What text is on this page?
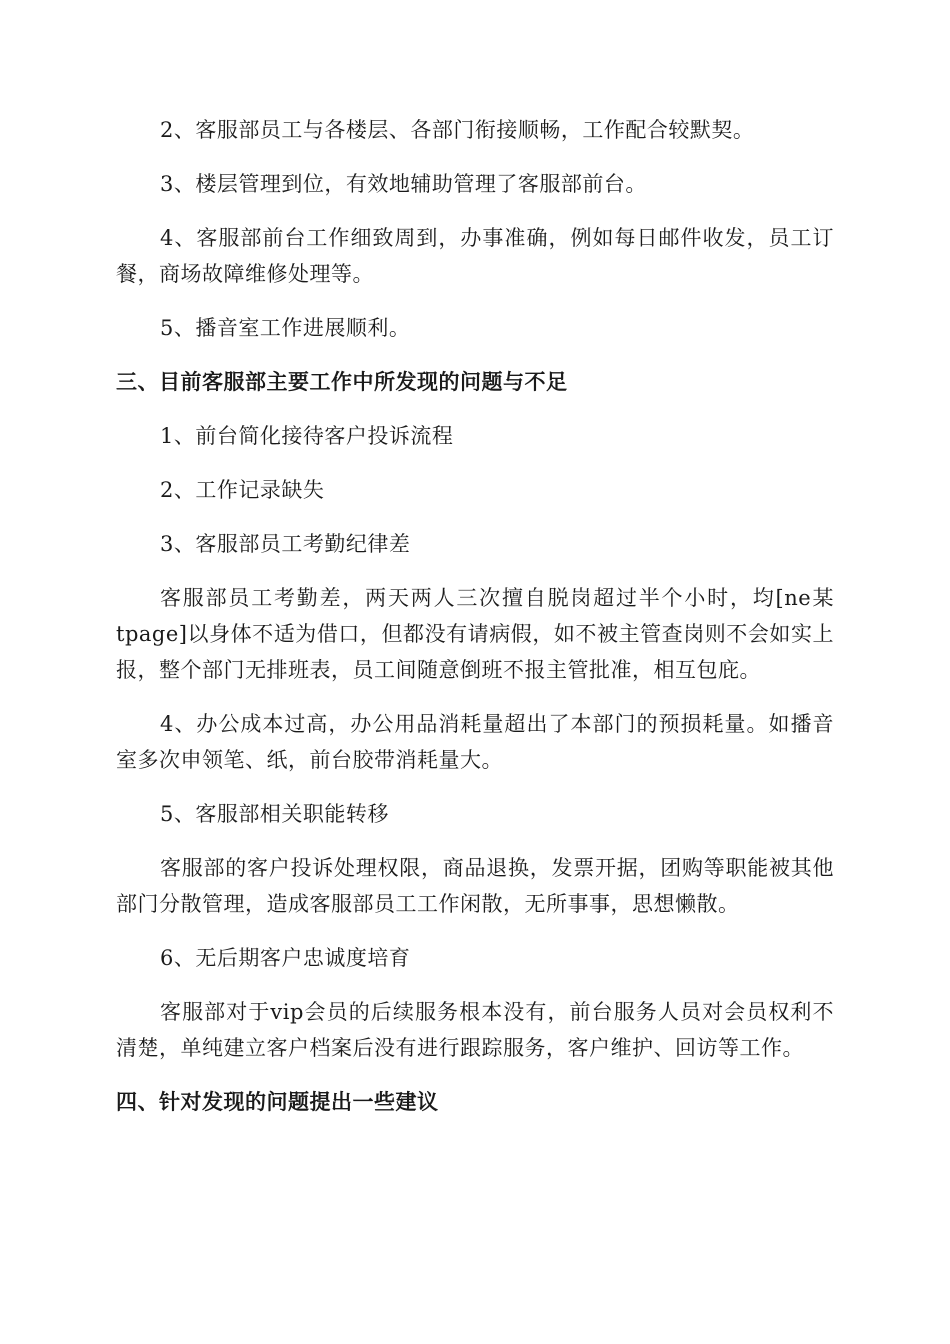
2、客服部员工与各楼层、各部门衔接顺畅，工作配合较默契。

3、楼层管理到位，有效地辅助管理了客服部前台。

4、客服部前台工作细致周到，办事准确，例如每日邮件收发，员工订餐，商场故障维修处理等。

5、播音室工作进展顺利。

三、目前客服部主要工作中所发现的问题与不足

1、前台简化接待客户投诉流程

2、工作记录缺失

3、客服部员工考勤纪律差

客服部员工考勤差，两天两人三次擅自脱岗超过半个小时，均[ne某tpage]以身体不适为借口，但都没有请病假，如不被主管查岗则不会如实上报，整个部门无排班表，员工间随意倒班不报主管批准，相互包庇。

4、办公成本过高，办公用品消耗量超出了本部门的预损耗量。如播音室多次申领笔、纸，前台胶带消耗量大。

5、客服部相关职能转移

客服部的客户投诉处理权限，商品退换，发票开据，团购等职能被其他部门分散管理，造成客服部员工工作闲散，无所事事，思想懒散。

6、无后期客户忠诚度培育

客服部对于vip会员的后续服务根本没有，前台服务人员对会员权利不清楚，单纯建立客户档案后没有进行跟踪服务，客户维护、回访等工作。

四、针对发现的问题提出一些建议
